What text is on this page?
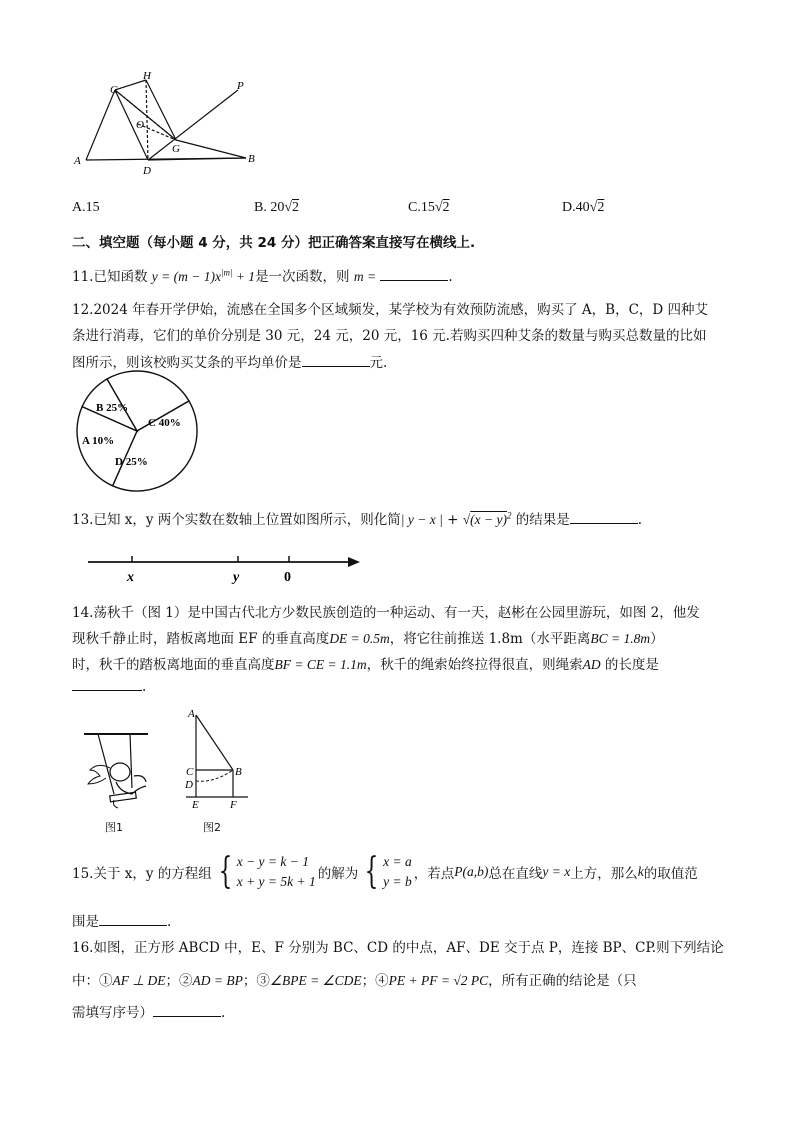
C
H
P
O
G
A
D
B
A.15	B. 20√2	C.15√2	D.40√2
二、填空题（每小题 4 分，共 24 分）把正确答案直接写在横线上.
11.已知函数 $y = (m - 1)x^{|m|} + 1$是一次函数，则 m =	.
12.2024 年春开学伊始，流感在全国多个区域频发，某学校为有效预防流感，购买了 A，B，C，D 四种艾
条进行消毒，它们的单价分别是 30 元，24 元，20 元，16 元.若购买四种艾条的数量与购买总数量的比如
图所示，则该校购买艾条的平均单价是	元.
B 25%
C 40%
A 10%
D 25%
13.已知 x，y 两个实数在数轴上位置如图所示，则化简| y − x | + $√(x - y)^2$ 的结果是	.
x	y	0
14.荡秋千（图 1）是中国古代北方少数民族创造的一种运动、有一天，赵彬在公园里游玩，如图 2，他发
现秋千静止时，踏板离地面 EF 的垂直高度DE = 0.5m，将它往前推送 1.8m（水平距离BC = 1.8m）
时，秋千的踏板离地面的垂直高度BF = CE = 1.1m，秋千的绳索始终拉得很直，则绳索AD 的长度是
.
图1
A
C	B
D
E	F
图2
15.关于 x，y 的方程组 { x − y = k − 1
x + y = 5k + 1 的解为 { x = a
y = b ，若点 P(a,b) 总在直线 y = x 上方，那么 k 的取值范
围是	.
16.如图，正方形 ABCD 中，E、F 分别为 BC、CD 的中点，AF、DE 交于点 P，连接 BP、CP.则下列结论
中：①AF ⊥ DE；②AD = BP；③∠BPE = ∠CDE；④PE + PF = √2 PC，所有正确的结论是（只
需填写序号）	.
